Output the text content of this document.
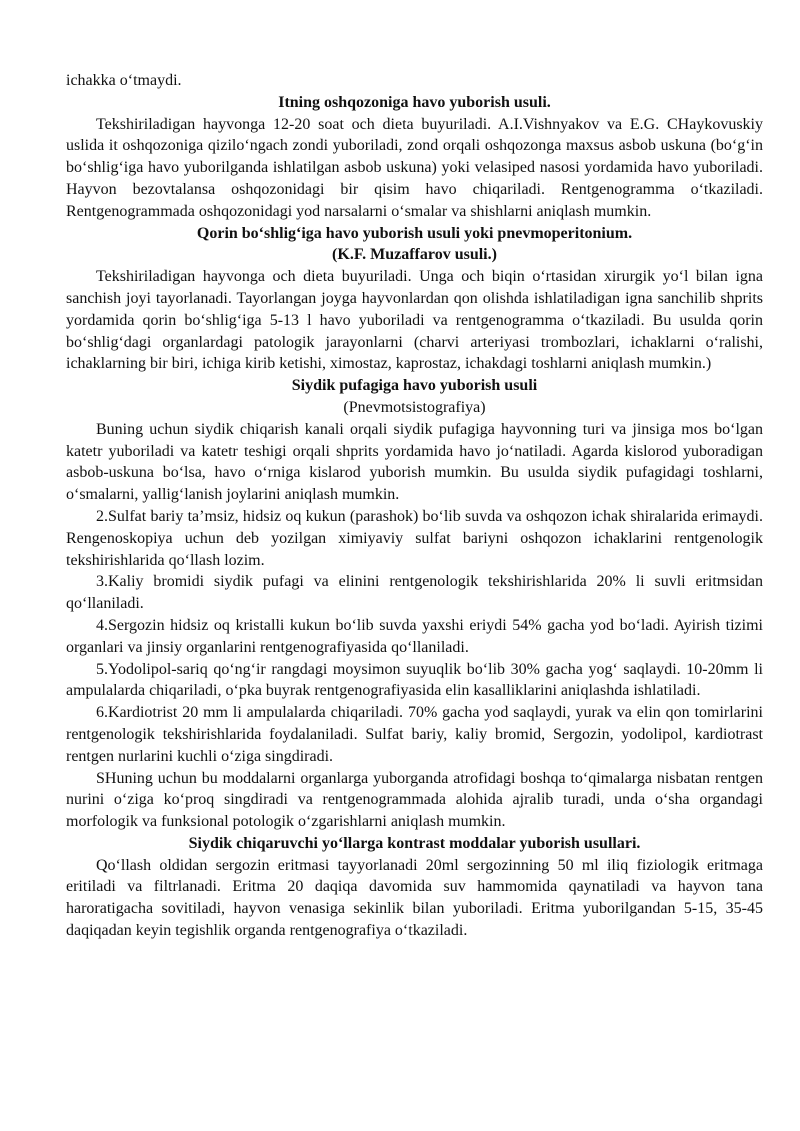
ichakka o‘tmaydi.

Itning oshqozoniga havo yuborish usuli.

Tekshiriladigan hayvonga 12-20 soat och dieta buyuriladi. A.I.Vishnyakov va E.G. CHaykovuskiy uslida it oshqozoniga qizilo‘ngach zondi yuboriladi, zond orqali oshqozonga maxsus asbob uskuna (bo‘g‘in bo‘shlig‘iga havo yuborilganda ishlatilgan asbob uskuna) yoki velasiped nasosi yordamida havo yuboriladi. Hayvon bezovtalansa oshqozonidagi bir qisim havo chiqariladi. Rentgenogramma o‘tkaziladi. Rentgenogrammada oshqozonidagi yod narsalarni o‘smalar va shishlarni aniqlash mumkin.

Qorin bo‘shlig‘iga havo yuborish usuli yoki pnevmoperitonium.

(K.F. Muzaffarov usuli.)

Tekshiriladigan hayvonga och dieta buyuriladi. Unga och biqin o‘rtasidan xirurgik yo‘l bilan igna sanchish joyi tayorlanadi. Tayorlangan joyga hayvonlardan qon olishda ishlatiladigan igna sanchilib shprits yordamida qorin bo‘shlig‘iga 5-13 l havo yuboriladi va rentgenogramma o‘tkaziladi. Bu usulda qorin bo‘shlig‘dagi organlardagi patologik jarayonlarni (charvi arteriyasi trombozlari, ichaklarni o‘ralishi, ichaklarning bir biri, ichiga kirib ketishi, ximostaz, kaprostaz, ichakdagi toshlarni aniqlash mumkin.)

Siydik pufagiga havo yuborish usuli

(Pnevmotsistografiya)

Buning uchun siydik chiqarish kanali orqali siydik pufagiga hayvonning turi va jinsiga mos bo‘lgan katetr yuboriladi va katetr teshigi orqali shprits yordamida havo jo‘natiladi. Agarda kislorod yuboradigan asbob-uskuna bo‘lsa, havo o‘rniga kislarod yuborish mumkin. Bu usulda siydik pufagidagi toshlarni, o‘smalarni, yallig‘lanish joylarini aniqlash mumkin.

2.Sulfat bariy ta’msiz, hidsiz oq kukun (parashok) bo‘lib suvda va oshqozon ichak shiralarida erimaydi. Rengenoskopiya uchun deb yozilgan ximiyaviy sulfat bariyni oshqozon ichaklarini rentgenologik tekshirishlarida qo‘llash lozim.

3.Kaliy bromidi siydik pufagi va elinini rentgenologik tekshirishlarida 20% li suvli eritmsidan qo‘llaniladi.

4.Sergozin hidsiz oq kristalli kukun bo‘lib suvda yaxshi eriydi 54% gacha yod bo‘ladi. Ayirish tizimi organlari va jinsiy organlarini rentgenografiyasida qo‘llaniladi.

5.Yodolipol-sariq qo‘ng‘ir rangdagi moysimon suyuqlik bo‘lib 30% gacha yog‘ saqlaydi. 10-20mm li ampulalarda chiqariladi, o‘pka buyrak rentgenografiyasida elin kasalliklarini aniqlashda ishlatiladi.

6.Kardiotrist 20 mm li ampulalarda chiqariladi. 70% gacha yod saqlaydi, yurak va elin qon tomirlarini rentgenologik tekshirishlarida foydalaniladi. Sulfat bariy, kaliy bromid, Sergozin, yodolipol, kardiotrast rentgen nurlarini kuchli o‘ziga singdiradi.

SHuning uchun bu moddalarni organlarga yuborganda atrofidagi boshqa to‘qimalarga nisbatan rentgen nurini o‘ziga ko‘proq singdiradi va rentgenogrammada alohida ajralib turadi, unda o‘sha organdagi morfologik va funksional potologik o‘zgarishlarni aniqlash mumkin.

Siydik chiqaruvchi yo‘llarga kontrast moddalar yuborish usullari.

Qo‘llash oldidan sergozin eritmasi tayyorlanadi 20ml sergozinning 50 ml iliq fiziologik eritmaga eritiladi va filtrlanadi. Eritma 20 daqiqa davomida suv hammomida qaynatiladi va hayvon tana haroratigacha sovitiladi, hayvon venasiga sekinlik bilan yuboriladi. Eritma yuborilgandan 5-15, 35-45 daqiqadan keyin tegishlik organda rentgenografiya o‘tkaziladi.
